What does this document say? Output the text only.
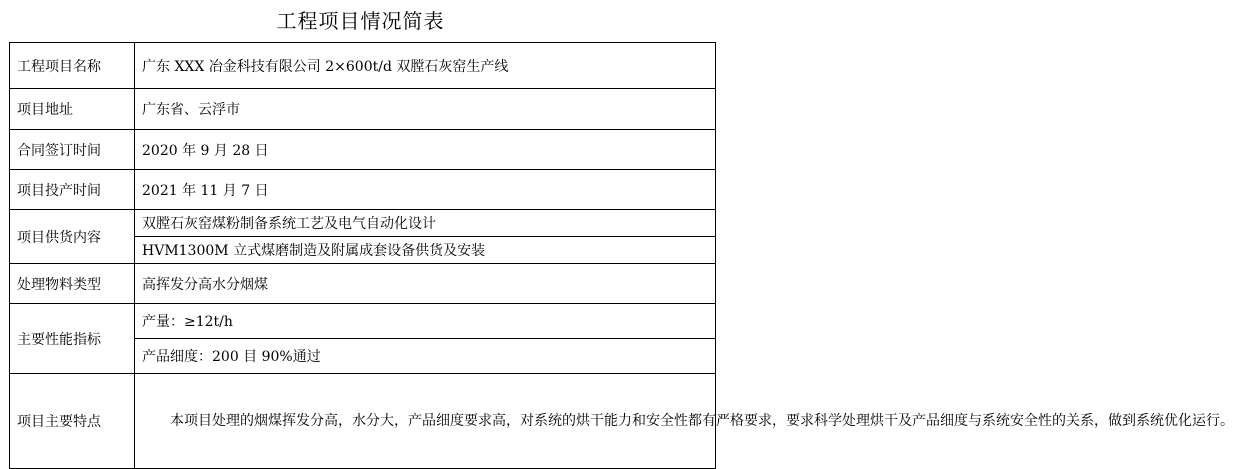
工程项目情况简表
工程项目名称	广东 XXX 冶金科技有限公司 2×600t/d 双膛石灰窑生产线
项目地址	广东省、云浮市
合同签订时间	2020 年 9 月 28 日
项目投产时间	2021 年 11 月 7 日
项目供货内容	双膛石灰窑煤粉制备系统工艺及电气自动化设计
	HVM1300M 立式煤磨制造及附属成套设备供货及安装
处理物料类型	高挥发分高水分烟煤
主要性能指标	产量：≥12t/h
	产品细度：200 目 90%通过
项目主要特点	本项目处理的烟煤挥发分高，水分大，产品细度要求高，对系统的烘干能力和安全性都有严格要求，要求科学处理烘干及产品细度与系统安全性的关系，做到系统优化运行。
